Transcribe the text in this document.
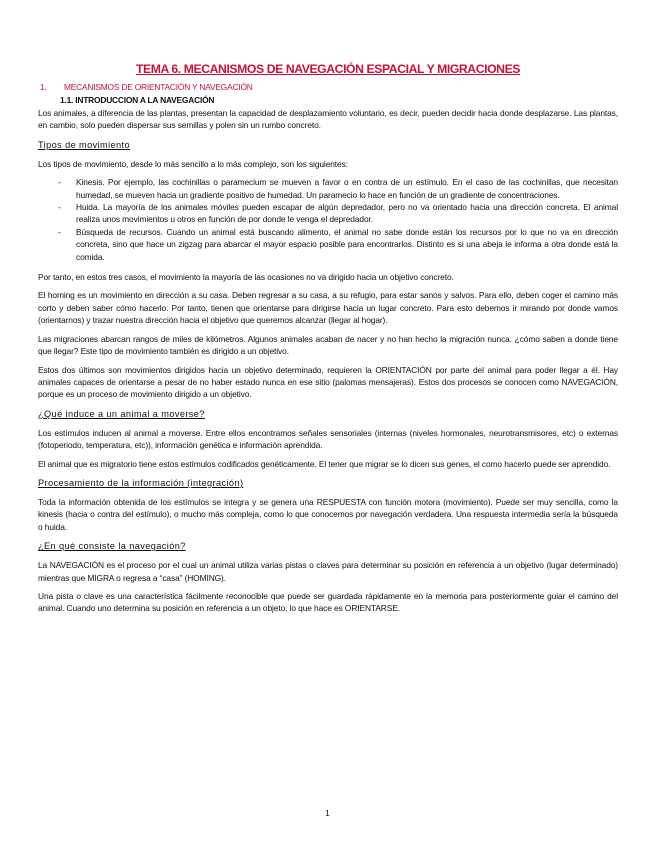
TEMA 6. MECANISMOS DE NAVEGACIÓN ESPACIAL Y MIGRACIONES
1. MECANISMOS DE ORIENTACIÓN Y NAVEGACIÓN
1.1. INTRODUCCION A LA NAVEGACIÓN

Los animales, a diferencia de las plantas, presentan la capacidad de desplazamiento voluntario, es decir, pueden decidir hacia donde desplazarse. Las plantas, en cambio, solo pueden dispersar sus semillas y polen sin un rumbo concreto.

Tipos de movimiento

Los tipos de movimiento, desde lo más sencillo a lo más complejo, son los siguientes:

- Kinesis. Por ejemplo, las cochinillas o paramecium se mueven a favor o en contra de un estímulo. En el caso de las cochinillas, que necesitan humedad, se mueven hacia un gradiente positivo de humedad. Un paramecio lo hace en función de un gradiente de concentraciones.
- Huida. La mayoría de los animales móviles pueden escapar de algún depredador, pero no va orientado hacia una dirección concreta. El animal realiza unos movimientos u otros en función de por donde le venga el depredador.
- Búsqueda de recursos. Cuando un animal está buscando alimento, el animal no sabe donde están los recursos por lo que no va en dirección concreta, sino que hace un zigzag para abarcar el mayor espacio posible para encontrarlos. Distinto es si una abeja le informa a otra donde está la comida.

Por tanto, en estos tres casos, el movimiento la mayoría de las ocasiones no va dirigido hacia un objetivo concreto.

El homing es un movimiento en dirección a su casa. Deben regresar a su casa, a su refugio, para estar sanos y salvos. Para ello, deben coger el camino más corto y deben saber cómo hacerlo. Por tanto, tienen que orientarse para dirigirse hacia un lugar concreto. Para esto debemos ir mirando por donde vamos (orientarnos) y trazar nuestra dirección hacia el objetivo que queremos alcanzar (llegar al hogar).

Las migraciones abarcan rangos de miles de kilómetros. Algunos animales acaban de nacer y no han hecho la migración nunca. ¿cómo saben a donde tiene que llegar? Este tipo de movimiento también es dirigido a un objetivo.

Estos dos últimos son movimientos dirigidos hacia un objetivo determinado, requieren la ORIENTACIÓN por parte del animal para poder llegar a él. Hay animales capaces de orientarse a pesar de no haber estado nunca en ese sitio (palomas mensajeras). Estos dos procesos se conocen como NAVEGACIÓN, porque es un proceso de movimiento dirigido a un objetivo.

¿Qué induce a un animal a moverse?

Los estímulos inducen al animal a moverse. Entre ellos encontramos señales sensoriales (internas (niveles hormonales, neurotransmisores, etc) o externas (fotoperiodo, temperatura, etc)), información genética e información aprendida.

El animal que es migratorio tiene estos estímulos codificados genéticamente. El tener que migrar se lo dicen sus genes, el como hacerlo puede ser aprendido.

Procesamiento de la información (integración)

Toda la información obtenida de los estímulos se integra y se genera una RESPUESTA con función motora (movimiento). Puede ser muy sencilla, como la kinesis (hacia o contra del estímulo), o mucho más compleja, como lo que conocemos por navegación verdadera. Una respuesta intermedia sería la búsqueda o huida.

¿En qué consiste la navegación?

La NAVEGACIÓN es el proceso por el cual un animal utiliza varias pistas o claves para determinar su posición en referencia a un objetivo (lugar determinado) mientras que MIGRA o regresa a “casa” (HOMING).

Una pista o clave es una característica fácilmente reconocible que puede ser guardada rápidamente en la memoria para posteriormente guiar el camino del animal. Cuando uno determina su posición en referencia a un objeto, lo que hace es ORIENTARSE.

1
